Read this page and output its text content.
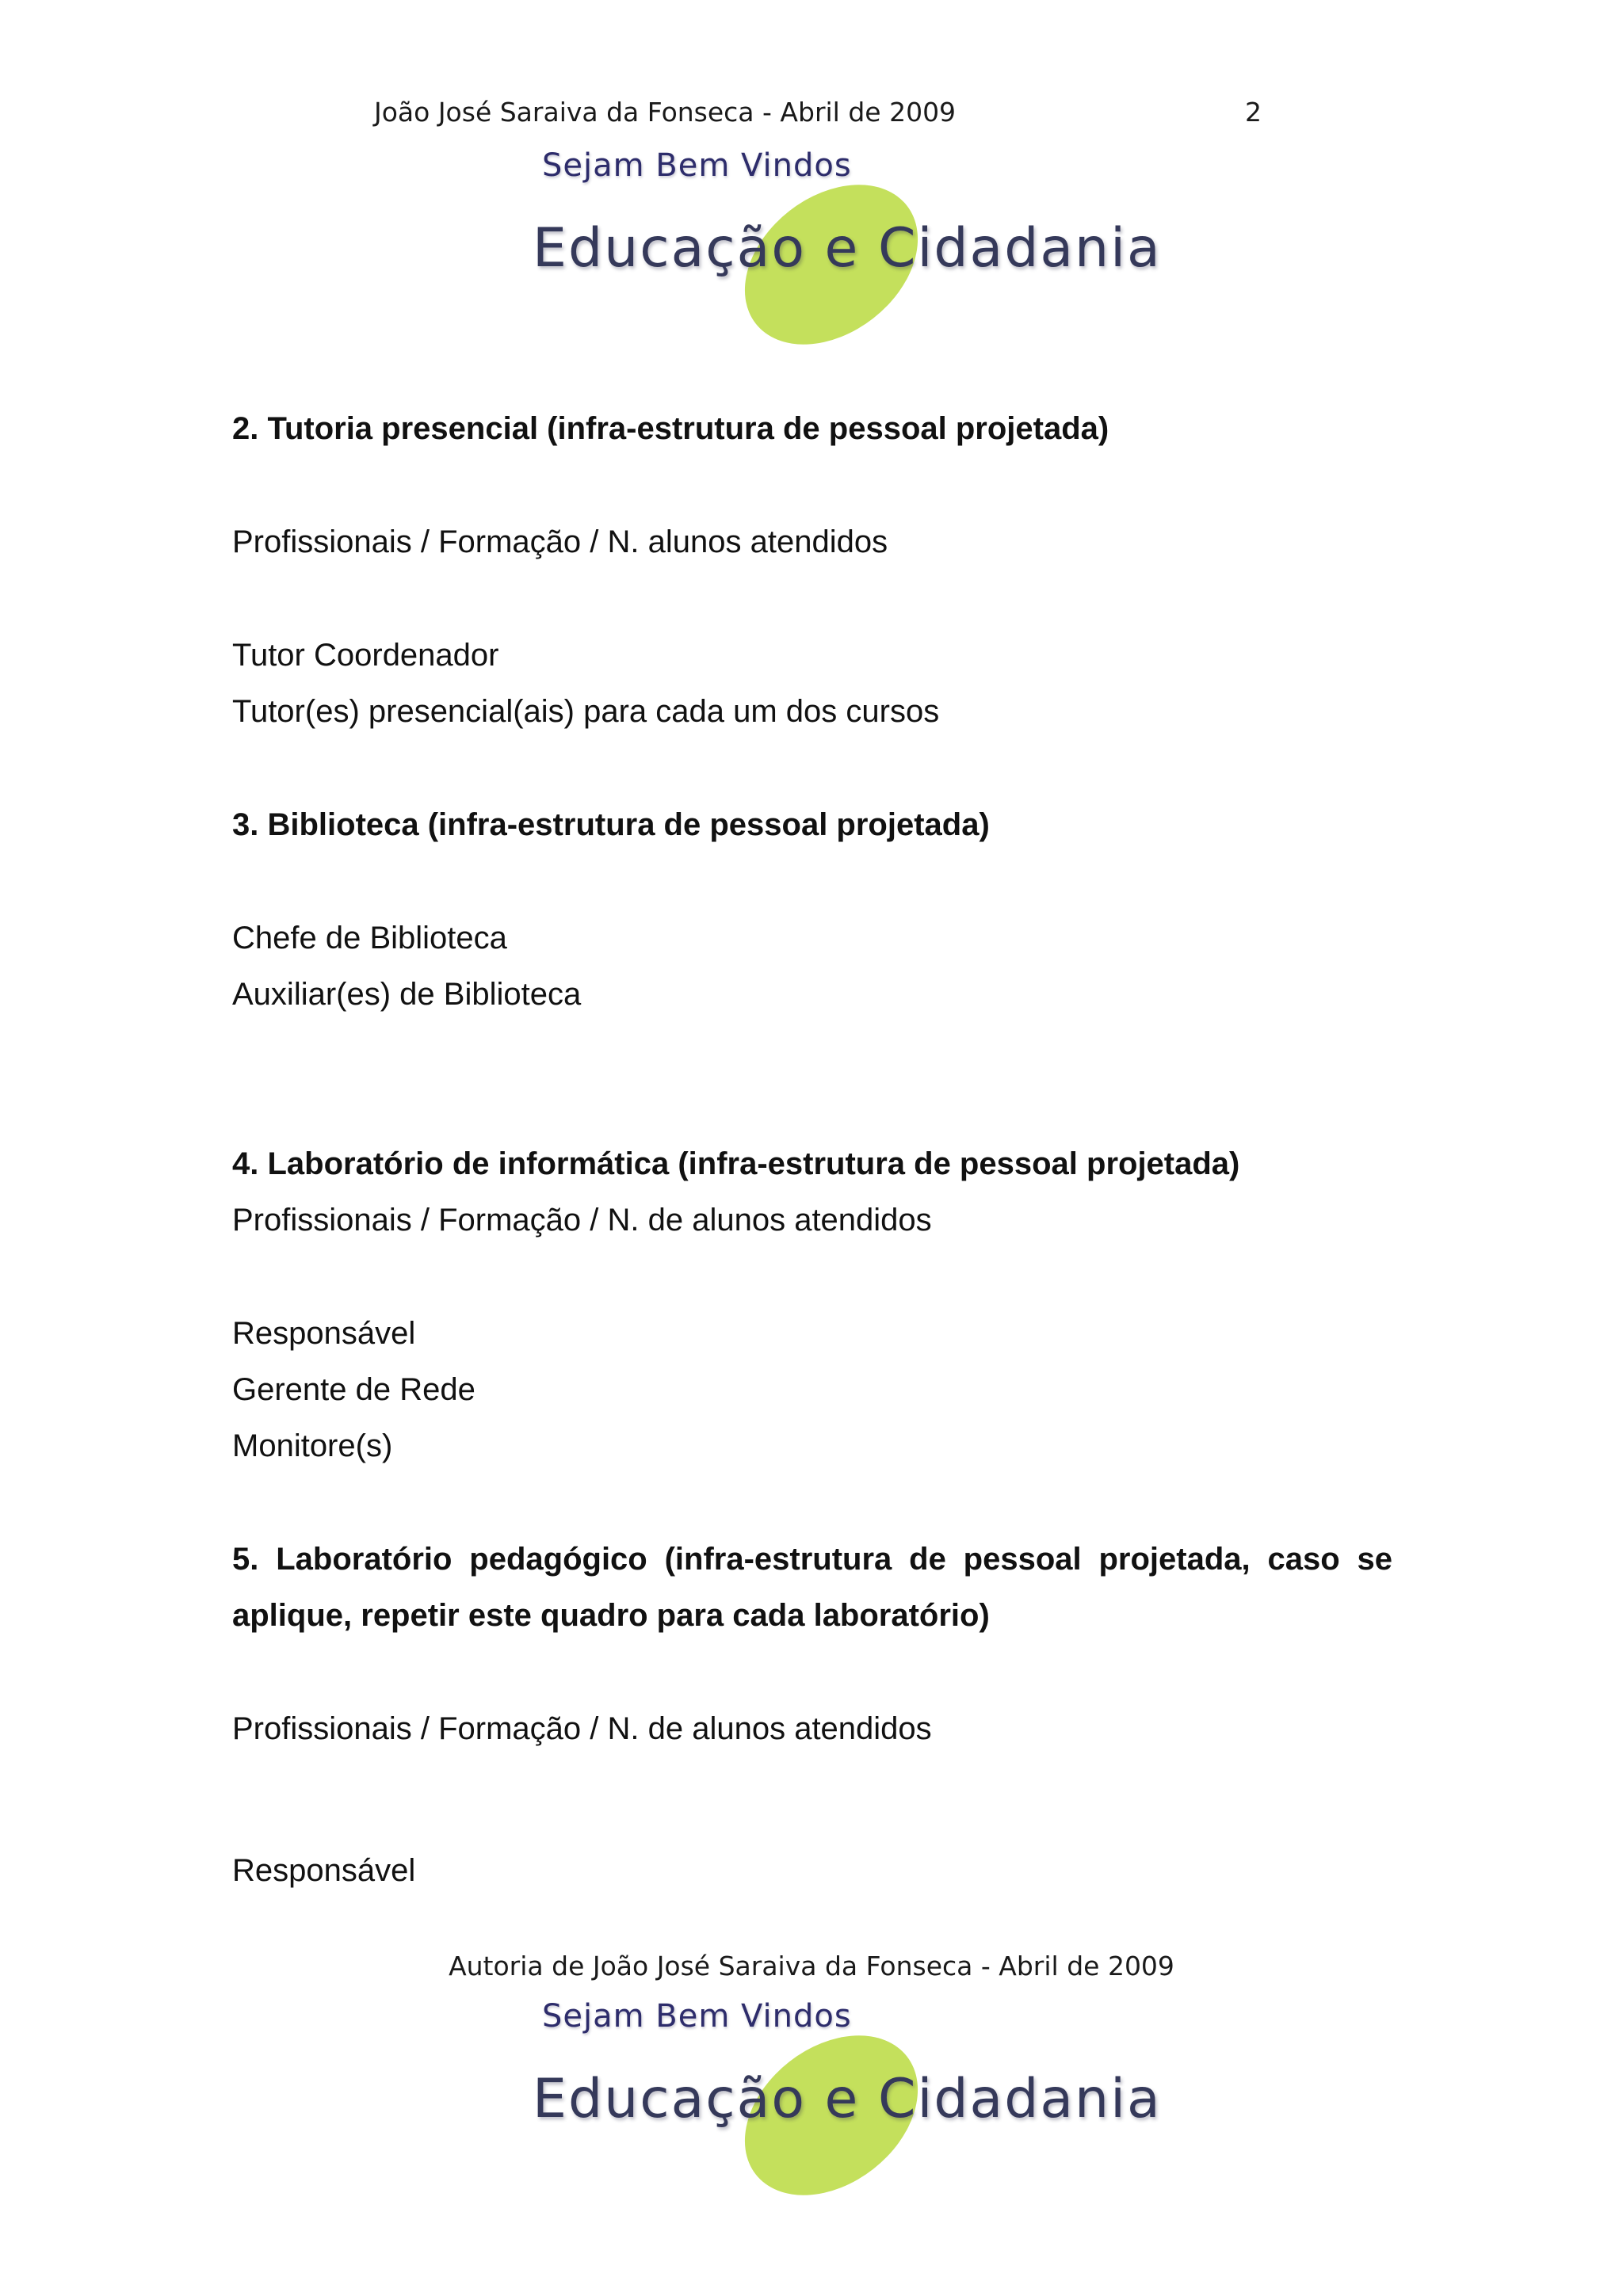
João José Saraiva da Fonseca - Abril de 2009	2
Sejam Bem Vindos
Educação e Cidadania

2. Tutoria presencial (infra-estrutura de pessoal projetada)

Profissionais / Formação / N. alunos atendidos

Tutor Coordenador

Tutor(es) presencial(ais) para cada um dos cursos

3. Biblioteca (infra-estrutura de pessoal projetada)

Chefe de Biblioteca

Auxiliar(es) de Biblioteca

4. Laboratório de informática (infra-estrutura de pessoal projetada)

Profissionais / Formação / N. de alunos atendidos

Responsável

Gerente de Rede

Monitore(s)

5. Laboratório pedagógico (infra-estrutura de pessoal projetada, caso se aplique, repetir este quadro para cada laboratório)

Profissionais / Formação / N. de alunos atendidos

Responsável

Autoria de João José Saraiva da Fonseca - Abril de 2009
Sejam Bem Vindos
Educação e Cidadania
